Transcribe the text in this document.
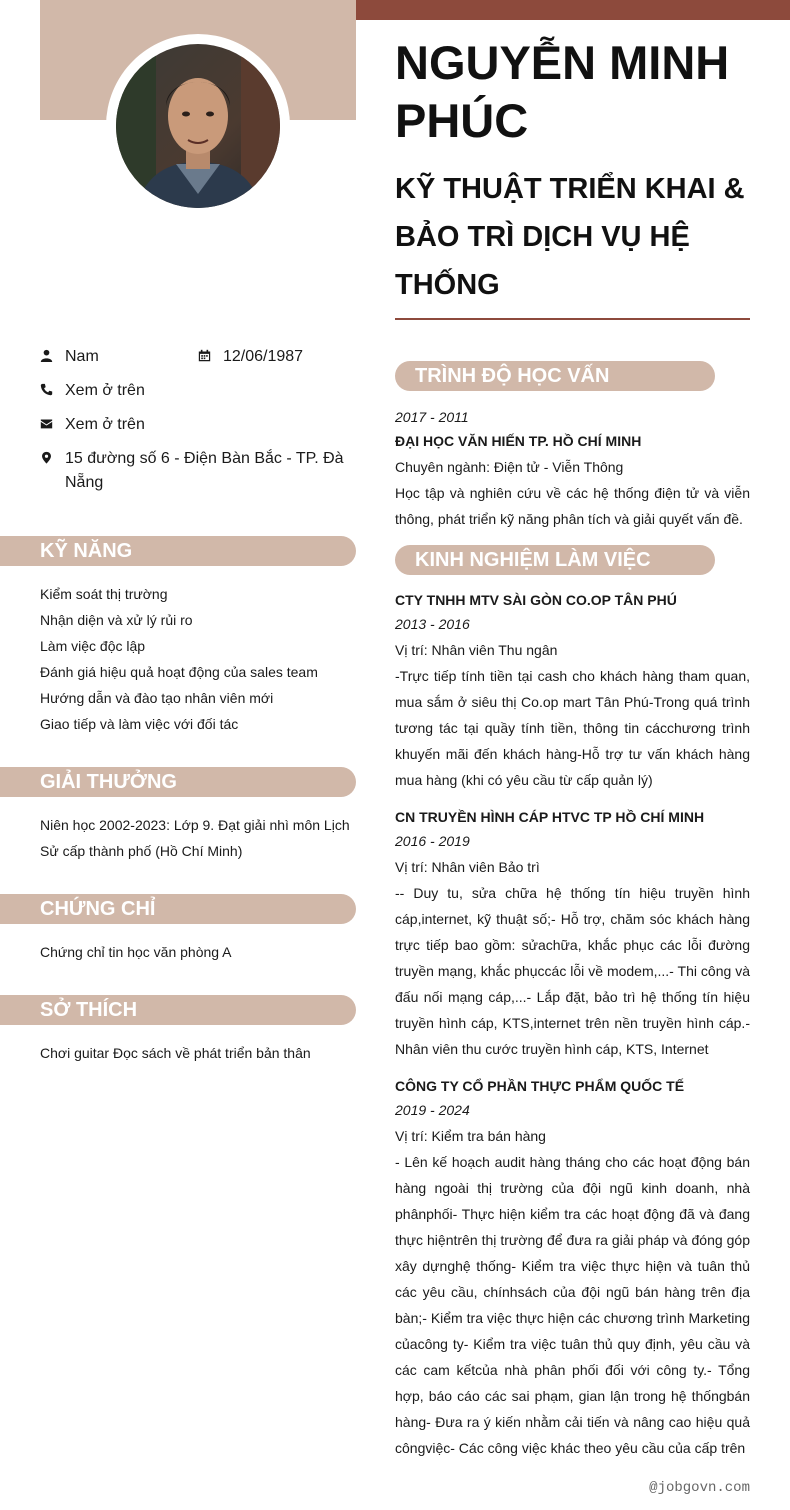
NGUYỄN MINH PHÚC
KỸ THUẬT TRIỂN KHAI & BẢO TRÌ DỊCH VỤ HỆ THỐNG
Nam	12/06/1987
Xem ở trên
Xem ở trên
15 đường số 6 - Điện Bàn Bắc - TP. Đà Nẵng
KỸ NĂNG
Kiểm soát thị trường
Nhận diện và xử lý rủi ro
Làm việc độc lập
Đánh giá hiệu quả hoạt động của sales team
Hướng dẫn và đào tạo nhân viên mới
Giao tiếp và làm việc với đối tác
GIẢI THƯỞNG
Niên học 2002-2023: Lớp 9. Đạt giải nhì môn Lịch Sử cấp thành phố (Hồ Chí Minh)
CHỨNG CHỈ
Chứng chỉ tin học văn phòng A
SỞ THÍCH
Chơi guitar Đọc sách về phát triển bản thân
TRÌNH ĐỘ HỌC VẤN
2017 - 2011
ĐẠI HỌC VĂN HIẾN TP. HỒ CHÍ MINH
Chuyên ngành: Điện tử - Viễn Thông
Học tập và nghiên cứu về các hệ thống điện tử và viễn thông, phát triển kỹ năng phân tích và giải quyết vấn đề.
KINH NGHIỆM LÀM VIỆC
CTY TNHH MTV SÀI GÒN CO.OP TÂN PHÚ
2013 - 2016
Vị trí: Nhân viên Thu ngân
-Trực tiếp tính tiền tại cash cho khách hàng tham quan, mua sắm ở siêu thị Co.op mart Tân Phú-Trong quá trình tương tác tại quầy tính tiền, thông tin cácchương trình khuyến mãi đến khách hàng-Hỗ trợ tư vấn khách hàng mua hàng (khi có yêu cầu từ cấp quản lý)
CN TRUYỀN HÌNH CÁP HTVC TP HỒ CHÍ MINH
2016 - 2019
Vị trí: Nhân viên Bảo trì
-- Duy tu, sửa chữa hệ thống tín hiệu truyền hình cáp,internet, kỹ thuật số;- Hỗ trợ, chăm sóc khách hàng trực tiếp bao gồm: sửachữa, khắc phục các lỗi đường truyền mạng, khắc phụccác lỗi về modem,...- Thi công và đấu nối mạng cáp,...- Lắp đặt, bảo trì hệ thống tín hiệu truyền hình cáp, KTS,internet trên nền truyền hình cáp.- Nhân viên thu cước truyền hình cáp, KTS, Internet
CÔNG TY CỔ PHẦN THỰC PHẨM QUỐC TẾ
2019 - 2024
Vị trí: Kiểm tra bán hàng
- Lên kế hoạch audit hàng tháng cho các hoạt động bán hàng ngoài thị trường của đội ngũ kinh doanh, nhà phânphối- Thực hiện kiểm tra các hoạt động đã và đang thực hiệntrên thị trường để đưa ra giải pháp và đóng góp xây dựnghệ thống- Kiểm tra việc thực hiện và tuân thủ các yêu cầu, chínhsách của đội ngũ bán hàng trên địa bàn;- Kiểm tra việc thực hiện các chương trình Marketing củacông ty- Kiểm tra việc tuân thủ quy định, yêu cầu và các cam kếtcủa nhà phân phối đối với công ty.- Tổng hợp, báo cáo các sai phạm, gian lận trong hệ thốngbán hàng- Đưa ra ý kiến nhằm cải tiến và nâng cao hiệu quả côngviệc- Các công việc khác theo yêu cầu của cấp trên
@jobgovn.com
